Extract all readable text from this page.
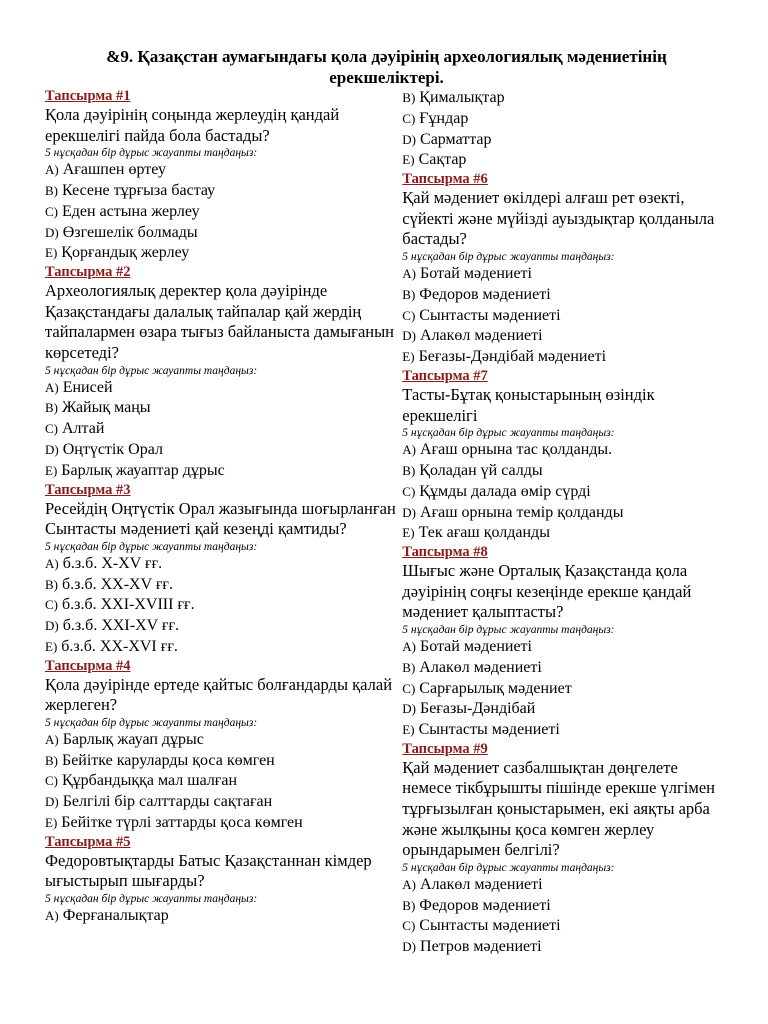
&9. Қазақстан аумағындағы қола дәуірінің археологиялық мәдениетінің ерекшеліктері.
Тапсырма #1
Қола дәуірінің соңында жерлеудің қандай ерекшелігі пайда бола бастады?
5 нұсқадан бір дұрыс жауапты таңдаңыз:
A) Ағашпен өртеу
B) Кесене тұрғыза бастау
C) Еден астына жерлеу
D) Өзгешелік болмады
E) Қорғандық жерлеу
Тапсырма #2
Археологиялық деректер қола дәуірінде Қазақстандағы далалық тайпалар қай жердің тайпалармен өзара тығыз байланыста дамығанын көрсетеді?
5 нұсқадан бір дұрыс жауапты таңдаңыз:
A) Енисей
B) Жайық маңы
C) Алтай
D) Оңтүстік Орал
E) Барлық жауаптар дұрыс
Тапсырма #3
Ресейдің Оңтүстік Орал жазығында шоғырланған Сынтасты мәдениеті қай кезеңді қамтиды?
5 нұсқадан бір дұрыс жауапты таңдаңыз:
A) б.з.б. X-XV ғғ.
B) б.з.б. XX-XV ғғ.
C) б.з.б. XXI-XVIII ғғ.
D) б.з.б. XXI-XV ғғ.
E) б.з.б. XX-XVI ғғ.
Тапсырма #4
Қола дәуірінде ертеде қайтыс болғандарды қалай жерлеген?
5 нұсқадан бір дұрыс жауапты таңдаңыз:
A) Барлық жауап дұрыс
B) Бейітке каруларды қоса көмген
C) Құрбандыққа мал шалған
D) Белгілі бір салттарды сақтаған
E) Бейітке түрлі заттарды қоса көмген
Тапсырма #5
Федоровтықтарды Батыс Қазақстаннан кімдер ығыстырып шығарды?
5 нұсқадан бір дұрыс жауапты таңдаңыз:
A) Ферғаналықтар
B) Қималықтар
C) Ғұндар
D) Сарматтар
E) Сақтар
Тапсырма #6
Қай мәдениет өкілдері алғаш рет өзекті, сүйекті және мүйізді ауыздықтар қолданыла бастады?
5 нұсқадан бір дұрыс жауапты таңдаңыз:
A) Ботай мәдениеті
B) Федоров мәдениеті
C) Сынтасты мәдениеті
D) Алакөл мәдениеті
E) Беғазы-Дәндібай мәдениеті
Тапсырма #7
Тасты-Бұтақ қоныстарының өзіндік ерекшелігі
5 нұсқадан бір дұрыс жауапты таңдаңыз:
A) Ағаш орнына тас қолданды.
B) Қоладан үй салды
C) Құмды далада өмір сүрді
D) Ағаш орнына темір қолданды
E) Тек ағаш қолданды
Тапсырма #8
Шығыс және Орталық Қазақстанда қола дәуірінің соңғы кезеңінде ерекше қандай мәдениет қалыптасты?
5 нұсқадан бір дұрыс жауапты таңдаңыз:
A) Ботай мәдениеті
B) Алакөл мәдениеті
C) Сарғарылық мәдениет
D) Беғазы-Дәндібай
E) Сынтасты мәдениеті
Тапсырма #9
Қай мәдениет сазбалшықтан дөңгелете немесе тікбұрышты пішінде ерекше үлгімен тұрғызылған қоныстарымен, екі аяқты арба және жылқыны қоса көмген жерлеу орындарымен белгілі?
5 нұсқадан бір дұрыс жауапты таңдаңыз:
A) Алакөл мәдениеті
B) Федоров мәдениеті
C) Сынтасты мәдениеті
D) Петров мәдениеті
